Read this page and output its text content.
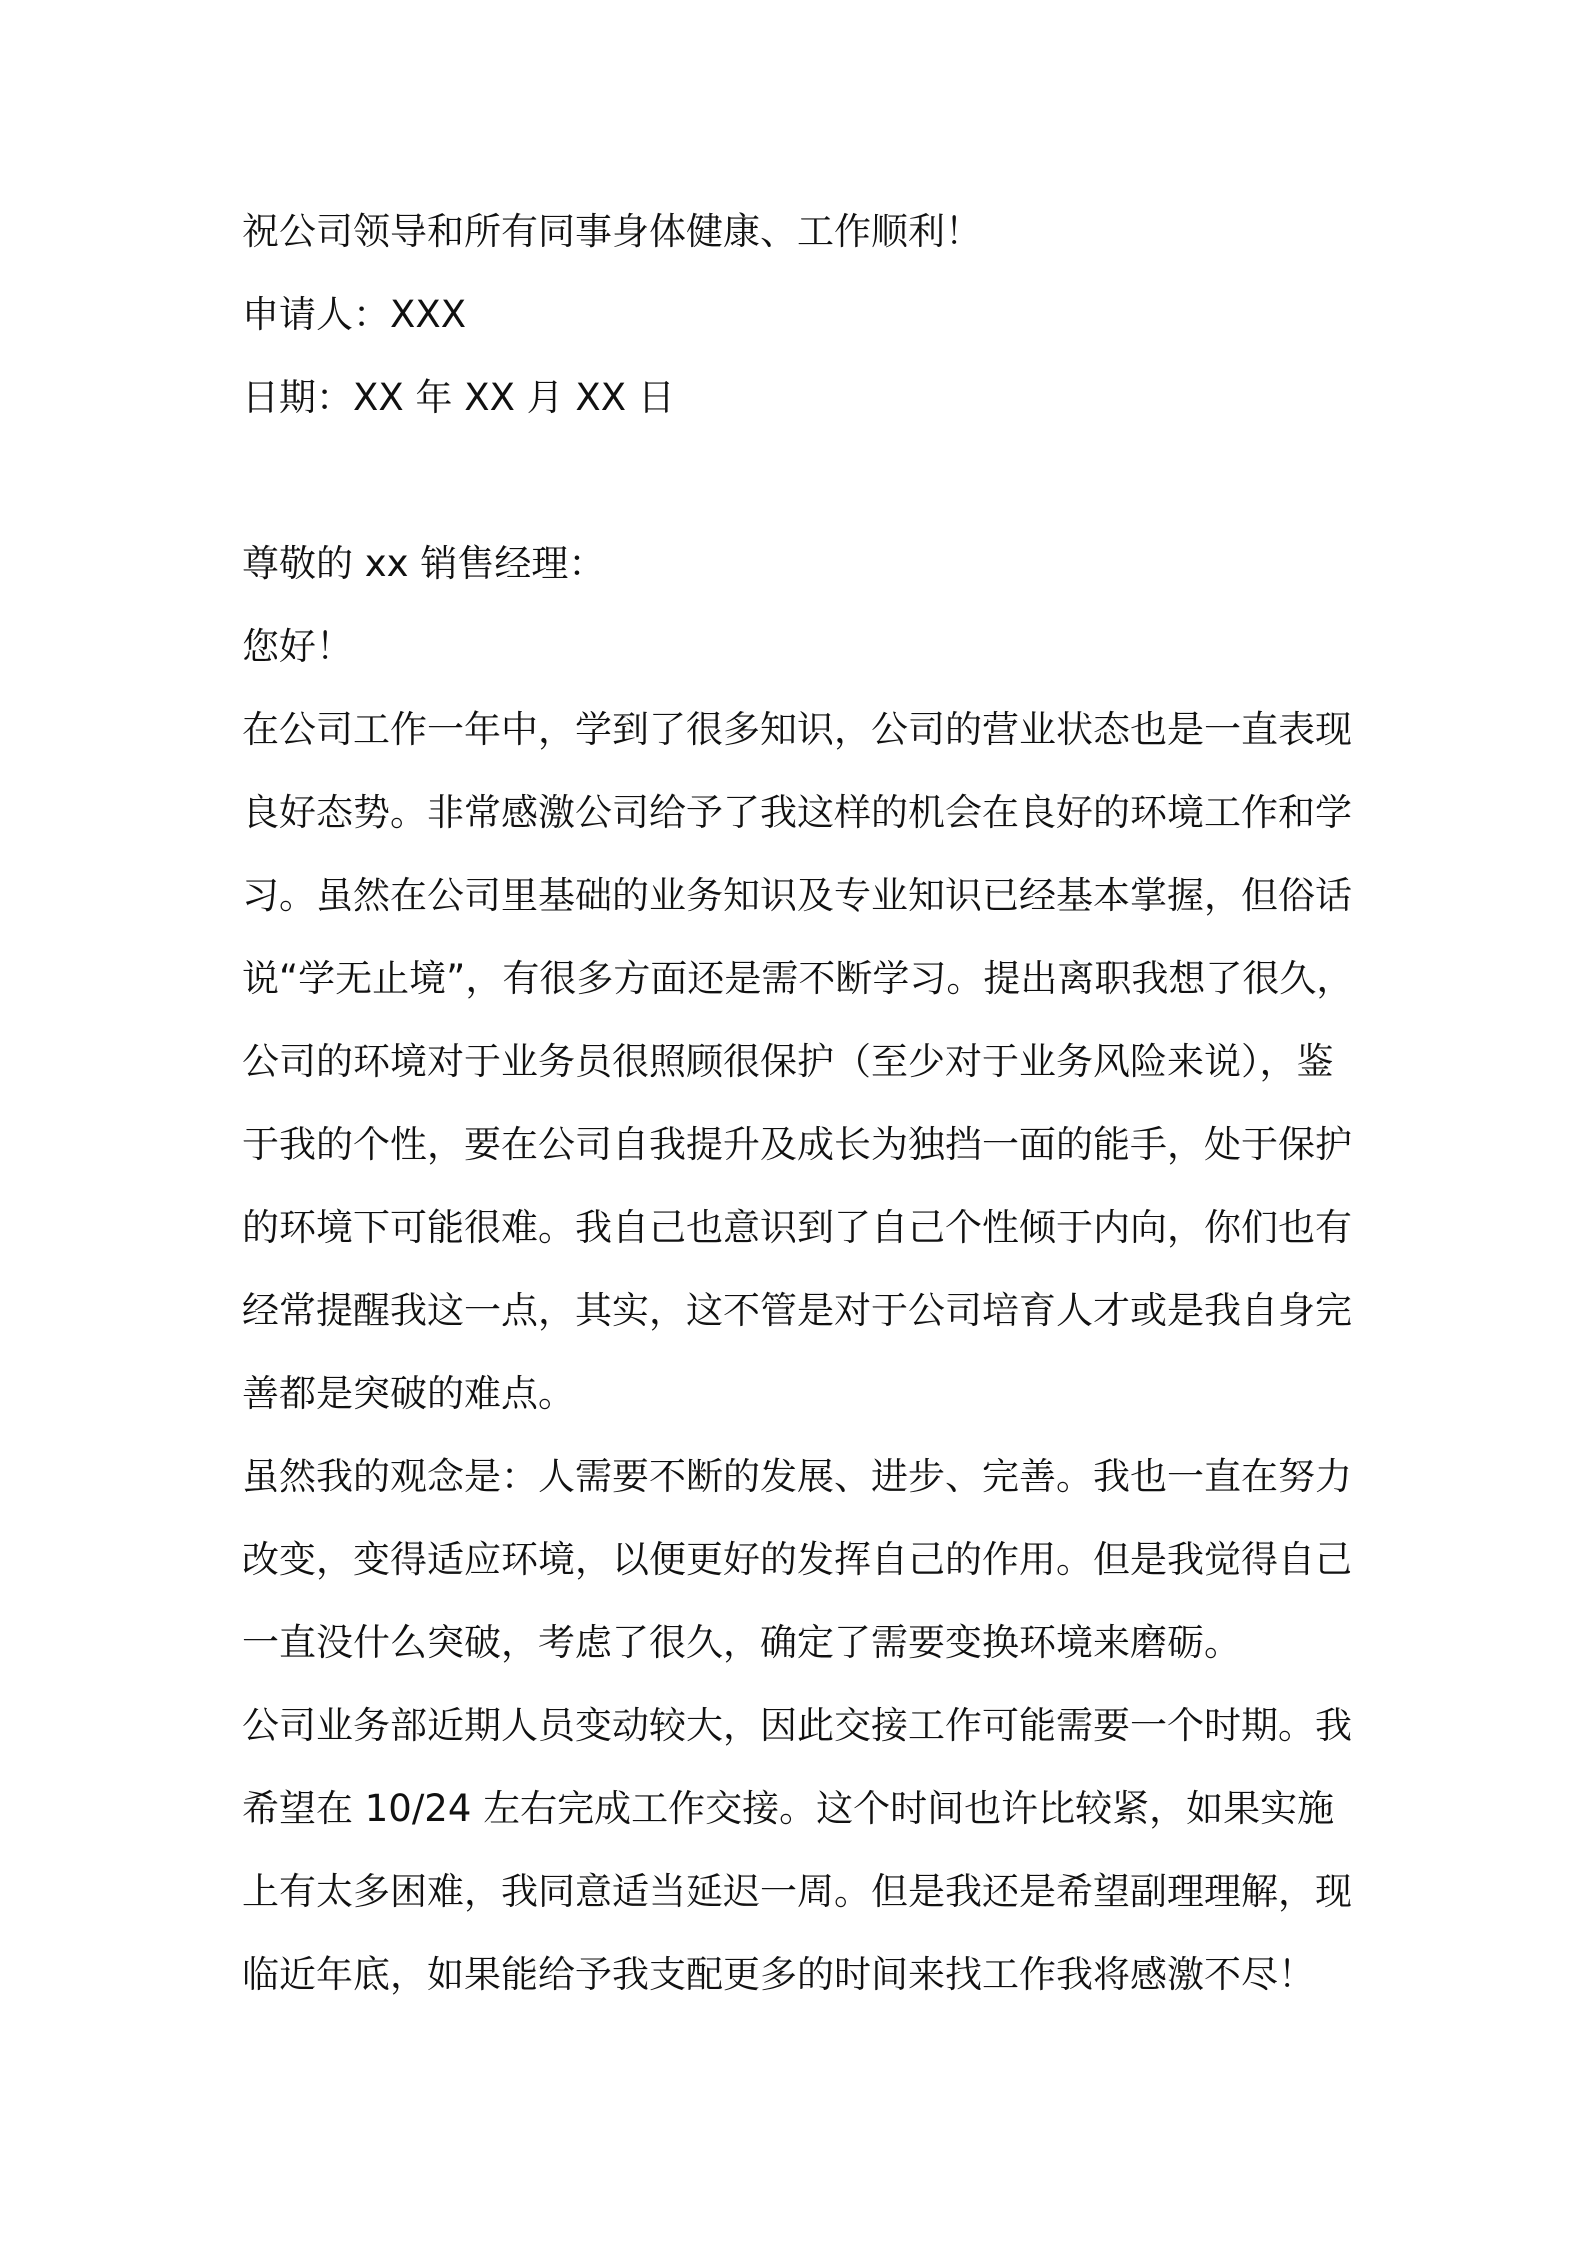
祝公司领导和所有同事身体健康、工作顺利！
申请人：XXX
日期：XX 年 XX 月 XX 日
尊敬的 xx 销售经理：
您好！
在公司工作一年中，学到了很多知识，公司的营业状态也是一直表现
良好态势。非常感激公司给予了我这样的机会在良好的环境工作和学
习。虽然在公司里基础的业务知识及专业知识已经基本掌握，但俗话
说“学无止境”，有很多方面还是需不断学习。提出离职我想了很久，
公司的环境对于业务员很照顾很保护（至少对于业务风险来说），鉴
于我的个性，要在公司自我提升及成长为独挡一面的能手，处于保护
的环境下可能很难。我自己也意识到了自己个性倾于内向，你们也有
经常提醒我这一点，其实，这不管是对于公司培育人才或是我自身完
善都是突破的难点。
虽然我的观念是：人需要不断的发展、进步、完善。我也一直在努力
改变，变得适应环境，以便更好的发挥自己的作用。但是我觉得自己
一直没什么突破，考虑了很久，确定了需要变换环境来磨砺。
公司业务部近期人员变动较大，因此交接工作可能需要一个时期。我
希望在 10/24 左右完成工作交接。这个时间也许比较紧，如果实施
上有太多困难，我同意适当延迟一周。但是我还是希望副理理解，现
临近年底，如果能给予我支配更多的时间来找工作我将感激不尽！
